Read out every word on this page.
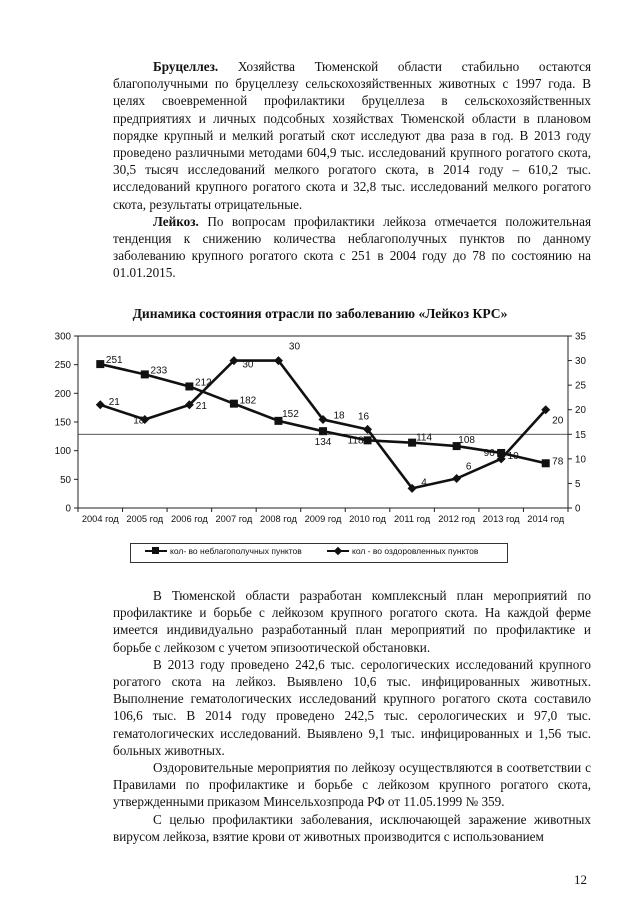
Бруцеллез. Хозяйства Тюменской области стабильно остаются благополучными по бруцеллезу сельскохозяйственных животных с 1997 года. В целях своевременной профилактики бруцеллеза в сельскохозяйственных предприятиях и личных подсобных хозяйствах Тюменской области в плановом порядке крупный и мелкий рогатый скот исследуют два раза в год. В 2013 году проведено различными методами 604,9 тыс. исследований крупного рогатого скота, 30,5 тысяч исследований мелкого рогатого скота, в 2014 году – 610,2 тыс. исследований крупного рогатого скота и 32,8 тыс. исследований мелкого рогатого скота, результаты отрицательные.

Лейкоз. По вопросам профилактики лейкоза отмечается положительная тенденция к снижению количества неблагополучных пунктов по данному заболеванию крупного рогатого скота с 251 в 2004 году до 78 по состоянию на 01.01.2015.

Динамика состояния отрасли по заболеванию «Лейкоз КРС»
0
50
100
150
200
250
300
0
5
10
15
20
25
30
35
2004 год 2005 год 2006 год 2007 год 2008 год 2009 год 2010 год 2011 год 2012 год 2013 год 2014 год
251
233
212
182
152
134 118	114	108
96
78
21
18
21
30
30
18 16
4
6
10
20
кол- во неблагополучных пунктов	кол - во оздоровленных пунктов

В Тюменской области разработан комплексный план мероприятий по профилактике и борьбе с лейкозом крупного рогатого скота. На каждой ферме имеется индивидуально разработанный план мероприятий по профилактике и борьбе с лейкозом с учетом эпизоотической обстановки.

В 2013 году проведено 242,6 тыс. серологических исследований крупного рогатого скота на лейкоз. Выявлено 10,6 тыс. инфицированных животных. Выполнение гематологических исследований крупного рогатого скота составило 106,6 тыс. В 2014 году проведено 242,5 тыс. серологических и 97,0 тыс. гематологических исследований. Выявлено 9,1 тыс. инфицированных и 1,56 тыс. больных животных.

Оздоровительные мероприятия по лейкозу осуществляются в соответствии с Правилами по профилактике и борьбе с лейкозом крупного рогатого скота, утвержденными приказом Минсельхозпрода РФ от 11.05.1999 № 359.

С целью профилактики заболевания, исключающей заражение животных вирусом лейкоза, взятие крови от животных производится с использованием

12
